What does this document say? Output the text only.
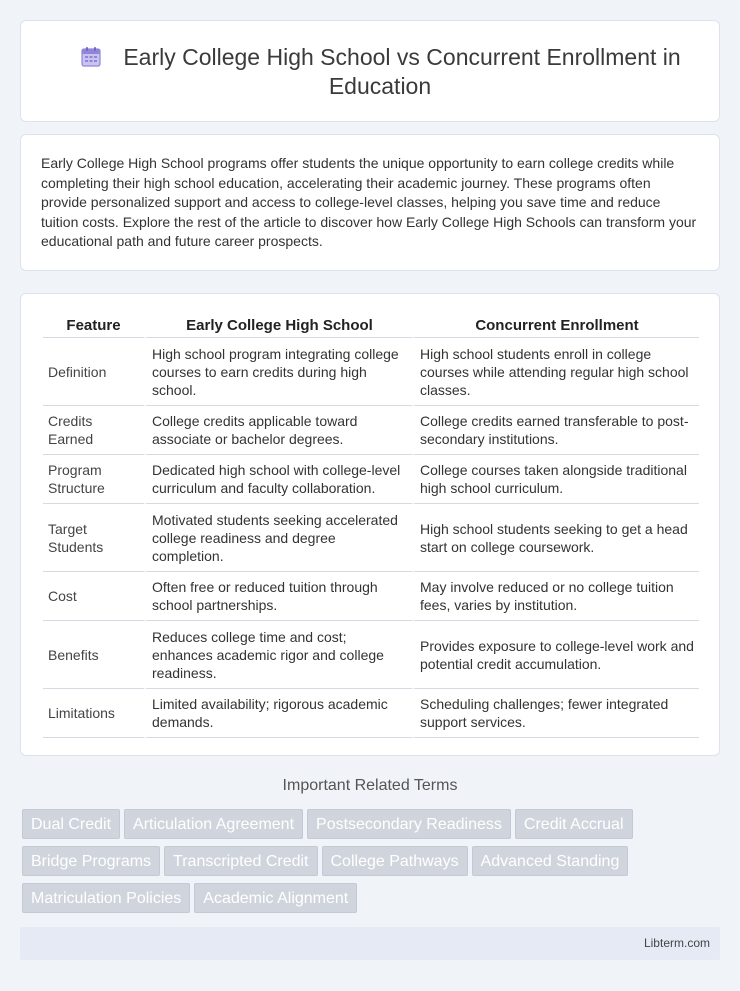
Early College High School vs Concurrent Enrollment in Education

Early College High School programs offer students the unique opportunity to earn college credits while completing their high school education, accelerating their academic journey. These programs often provide personalized support and access to college-level classes, helping you save time and reduce tuition costs. Explore the rest of the article to discover how Early College High Schools can transform your educational path and future career prospects.

Feature	Early College High School	Concurrent Enrollment
Definition	High school program integrating college courses to earn credits during high school.	High school students enroll in college courses while attending regular high school classes.
Credits Earned	College credits applicable toward associate or bachelor degrees.	College credits earned transferable to post-secondary institutions.
Program Structure	Dedicated high school with college-level curriculum and faculty collaboration.	College courses taken alongside traditional high school curriculum.
Target Students	Motivated students seeking accelerated college readiness and degree completion.	High school students seeking to get a head start on college coursework.
Cost	Often free or reduced tuition through school partnerships.	May involve reduced or no college tuition fees, varies by institution.
Benefits	Reduces college time and cost; enhances academic rigor and college readiness.	Provides exposure to college-level work and potential credit accumulation.
Limitations	Limited availability; rigorous academic demands.	Scheduling challenges; fewer integrated support services.
Important Related Terms
Dual Credit Articulation Agreement Postsecondary Readiness Credit Accrual
Bridge Programs Transcripted Credit College Pathways Advanced Standing
Matriculation Policies Academic Alignment
Libterm.com
